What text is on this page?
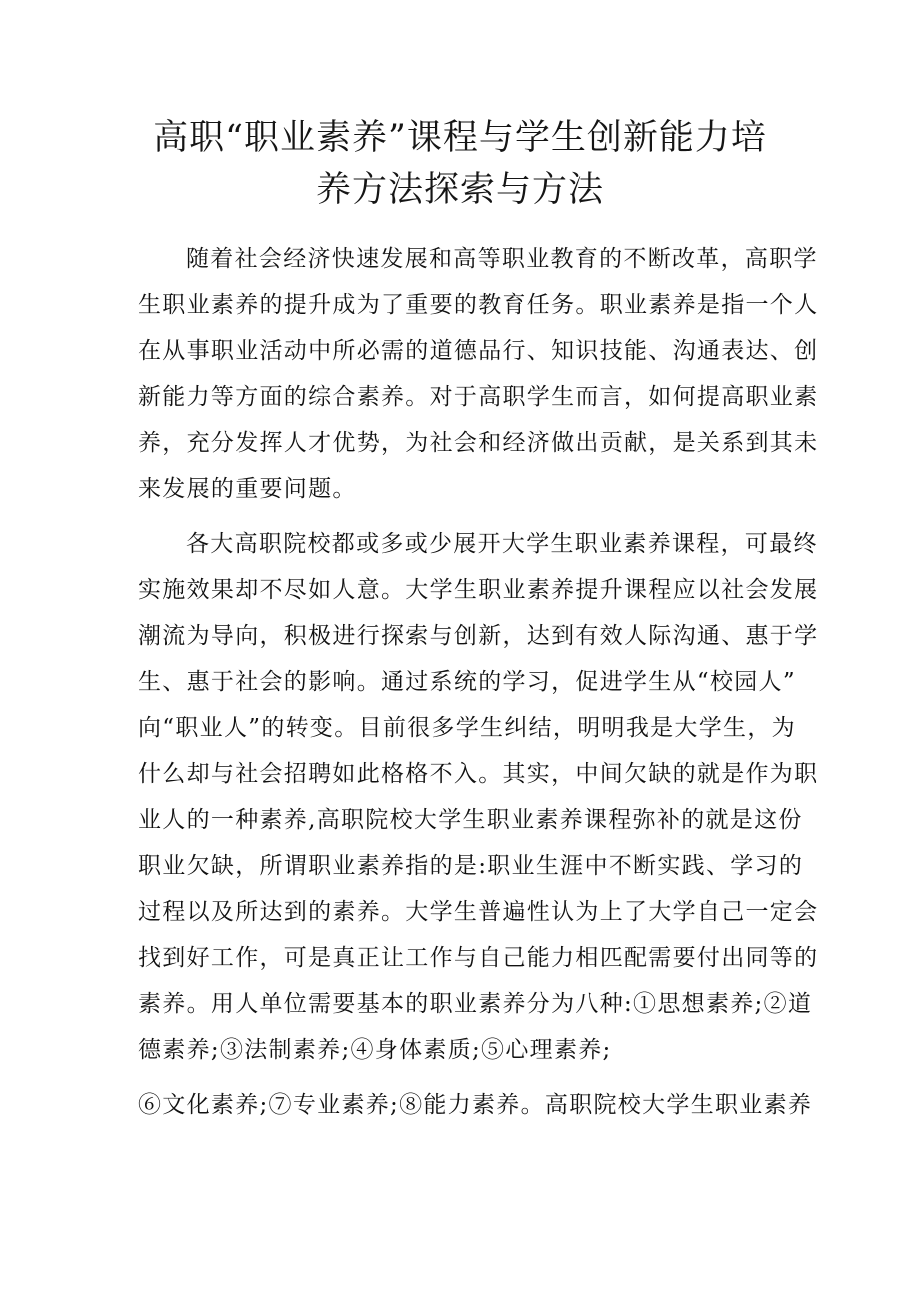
高职“职业素养”课程与学生创新能力培
养方法探索与方法
随着社会经济快速发展和高等职业教育的不断改革，高职学
生职业素养的提升成为了重要的教育任务。职业素养是指一个人
在从事职业活动中所必需的道德品行、知识技能、沟通表达、创
新能力等方面的综合素养。对于高职学生而言，如何提高职业素
养，充分发挥人才优势，为社会和经济做出贡献，是关系到其未
来发展的重要问题。
各大高职院校都或多或少展开大学生职业素养课程，可最终
实施效果却不尽如人意。大学生职业素养提升课程应以社会发展
潮流为导向，积极进行探索与创新，达到有效人际沟通、惠于学
生、惠于社会的影响。通过系统的学习，促进学生从“校园人”
向“职业人”的转变。目前很多学生纠结，明明我是大学生，为
什么却与社会招聘如此格格不入。其实，中间欠缺的就是作为职
业人的一种素养,高职院校大学生职业素养课程弥补的就是这份
职业欠缺，所谓职业素养指的是:职业生涯中不断实践、学习的
过程以及所达到的素养。大学生普遍性认为上了大学自己一定会
找到好工作，可是真正让工作与自己能力相匹配需要付出同等的
素养。用人单位需要基本的职业素养分为八种:①思想素养;②道
德素养;③法制素养;④身体素质;⑤心理素养;
⑥文化素养;⑦专业素养;⑧能力素养。高职院校大学生职业素养
